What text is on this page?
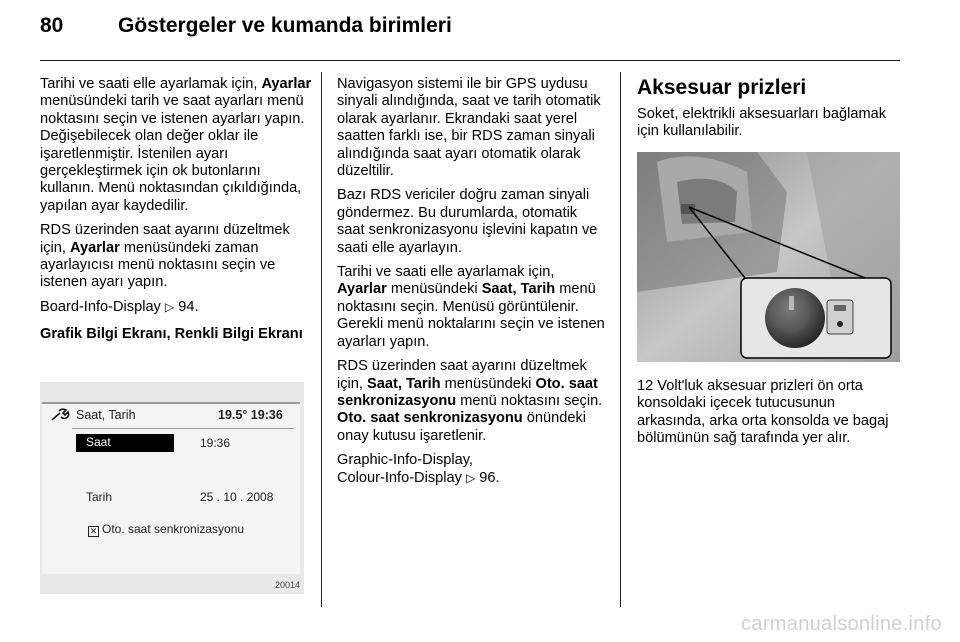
80	Göstergeler ve kumanda birimleri

Tarihi ve saati elle ayarlamak için, Ayarlar menüsündeki tarih ve saat ayarları menü noktasını seçin ve istenen ayarları yapın. Değişebilecek olan değer oklar ile işaretlenmiştir. İstenilen ayarı gerçekleştirmek için ok butonlarını kullanın. Menü noktasından çıkıldığında, yapılan ayar kaydedilir.

RDS üzerinden saat ayarını düzeltmek için, Ayarlar menüsündeki zaman ayarlayıcısı menü noktasını seçin ve istenen ayarı yapın.

Board-Info-Display ▷ 94.

Grafik Bilgi Ekranı, Renkli Bilgi Ekranı

Saat, Tarih	19.5° 19:36
Saat	19:36
Tarih	25 . 10 . 2008
✕ Oto. saat senkronizasyonu
20014

Navigasyon sistemi ile bir GPS uydusu sinyali alındığında, saat ve tarih otomatik olarak ayarlanır. Ekrandaki saat yerel saatten farklı ise, bir RDS zaman sinyali alındığında saat ayarı otomatik olarak düzeltilir.

Bazı RDS vericiler doğru zaman sinyali göndermez. Bu durumlarda, otomatik saat senkronizasyonu işlevini kapatın ve saati elle ayarlayın.

Tarihi ve saati elle ayarlamak için, Ayarlar menüsündeki Saat, Tarih menü noktasını seçin. Menüsü görüntülenir. Gerekli menü noktalarını seçin ve istenen ayarları yapın.

RDS üzerinden saat ayarını düzeltmek için, Saat, Tarih menüsündeki Oto. saat senkronizasyonu menü noktasını seçin. Oto. saat senkronizasyonu önündeki onay kutusu işaretlenir.

Graphic-Info-Display,
Colour-Info-Display ▷ 96.

Aksesuar prizleri

Soket, elektrikli aksesuarları bağlamak için kullanılabilir.

12 Volt'luk aksesuar prizleri ön orta konsoldaki içecek tutucusunun arkasında, arka orta konsolda ve bagaj bölümünün sağ tarafında yer alır.

carmanualsonline.info
